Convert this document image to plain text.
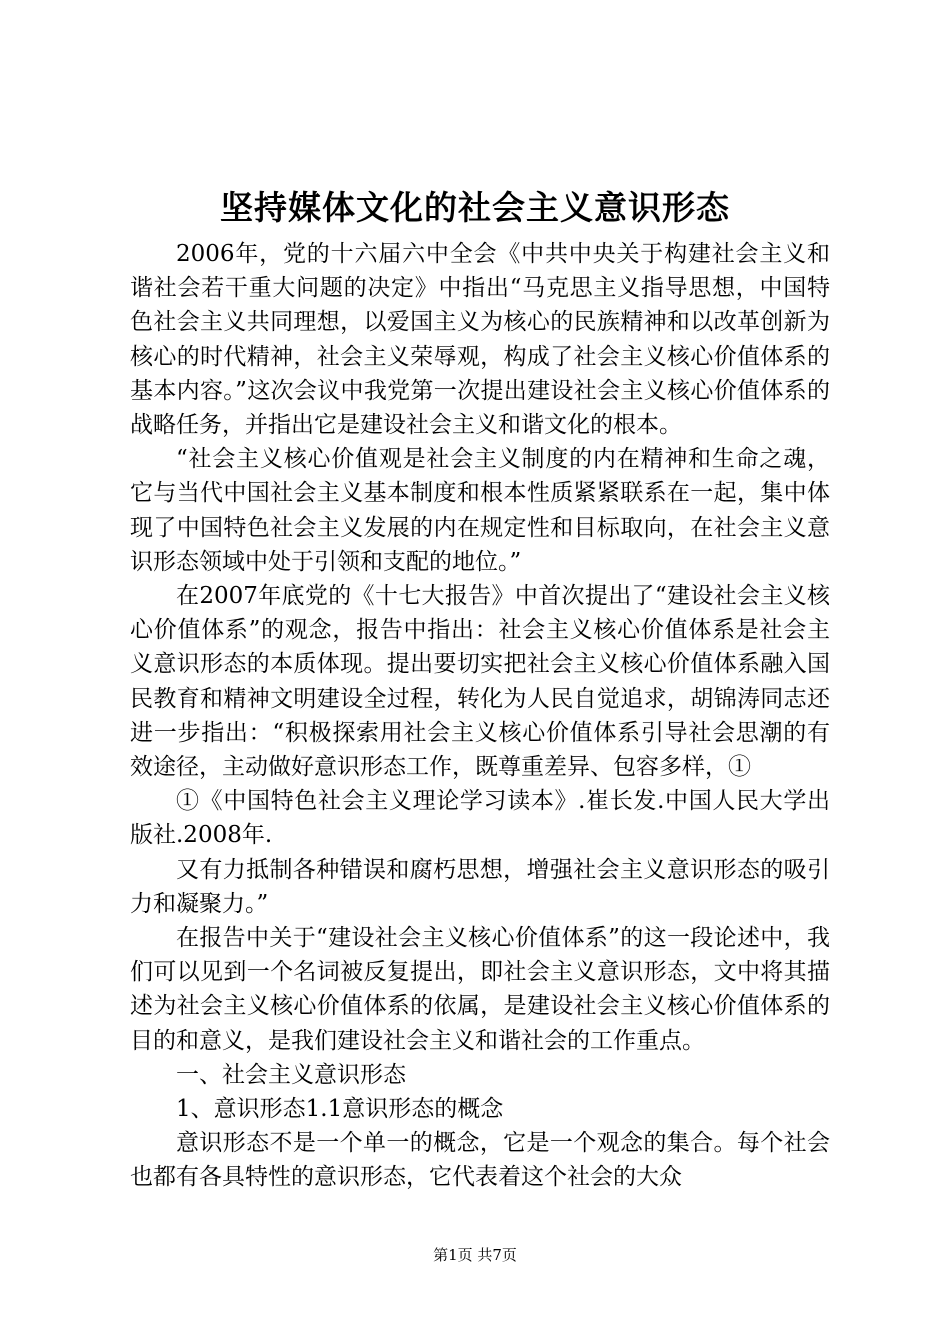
坚持媒体文化的社会主义意识形态

2006年，党的十六届六中全会《中共中央关于构建社会主义和谐社会若干重大问题的决定》中指出“马克思主义指导思想，中国特色社会主义共同理想，以爱国主义为核心的民族精神和以改革创新为核心的时代精神，社会主义荣辱观，构成了社会主义核心价值体系的基本内容。”这次会议中我党第一次提出建设社会主义核心价值体系的战略任务，并指出它是建设社会主义和谐文化的根本。

“社会主义核心价值观是社会主义制度的内在精神和生命之魂，它与当代中国社会主义基本制度和根本性质紧紧联系在一起，集中体现了中国特色社会主义发展的内在规定性和目标取向，在社会主义意识形态领域中处于引领和支配的地位。”

在2007年底党的《十七大报告》中首次提出了“建设社会主义核心价值体系”的观念，报告中指出：社会主义核心价值体系是社会主义意识形态的本质体现。提出要切实把社会主义核心价值体系融入国民教育和精神文明建设全过程，转化为人民自觉追求，胡锦涛同志还进一步指出：“积极探索用社会主义核心价值体系引导社会思潮的有效途径，主动做好意识形态工作，既尊重差异、包容多样，①

①《中国特色社会主义理论学习读本》.崔长发.中国人民大学出版社.2008年.

又有力抵制各种错误和腐朽思想，增强社会主义意识形态的吸引力和凝聚力。”

在报告中关于“建设社会主义核心价值体系”的这一段论述中，我们可以见到一个名词被反复提出，即社会主义意识形态，文中将其描述为社会主义核心价值体系的依属，是建设社会主义核心价值体系的目的和意义，是我们建设社会主义和谐社会的工作重点。

一、社会主义意识形态

1、意识形态1.1意识形态的概念

意识形态不是一个单一的概念，它是一个观念的集合。每个社会也都有各具特性的意识形态，它代表着这个社会的大众

第1页 共7页
